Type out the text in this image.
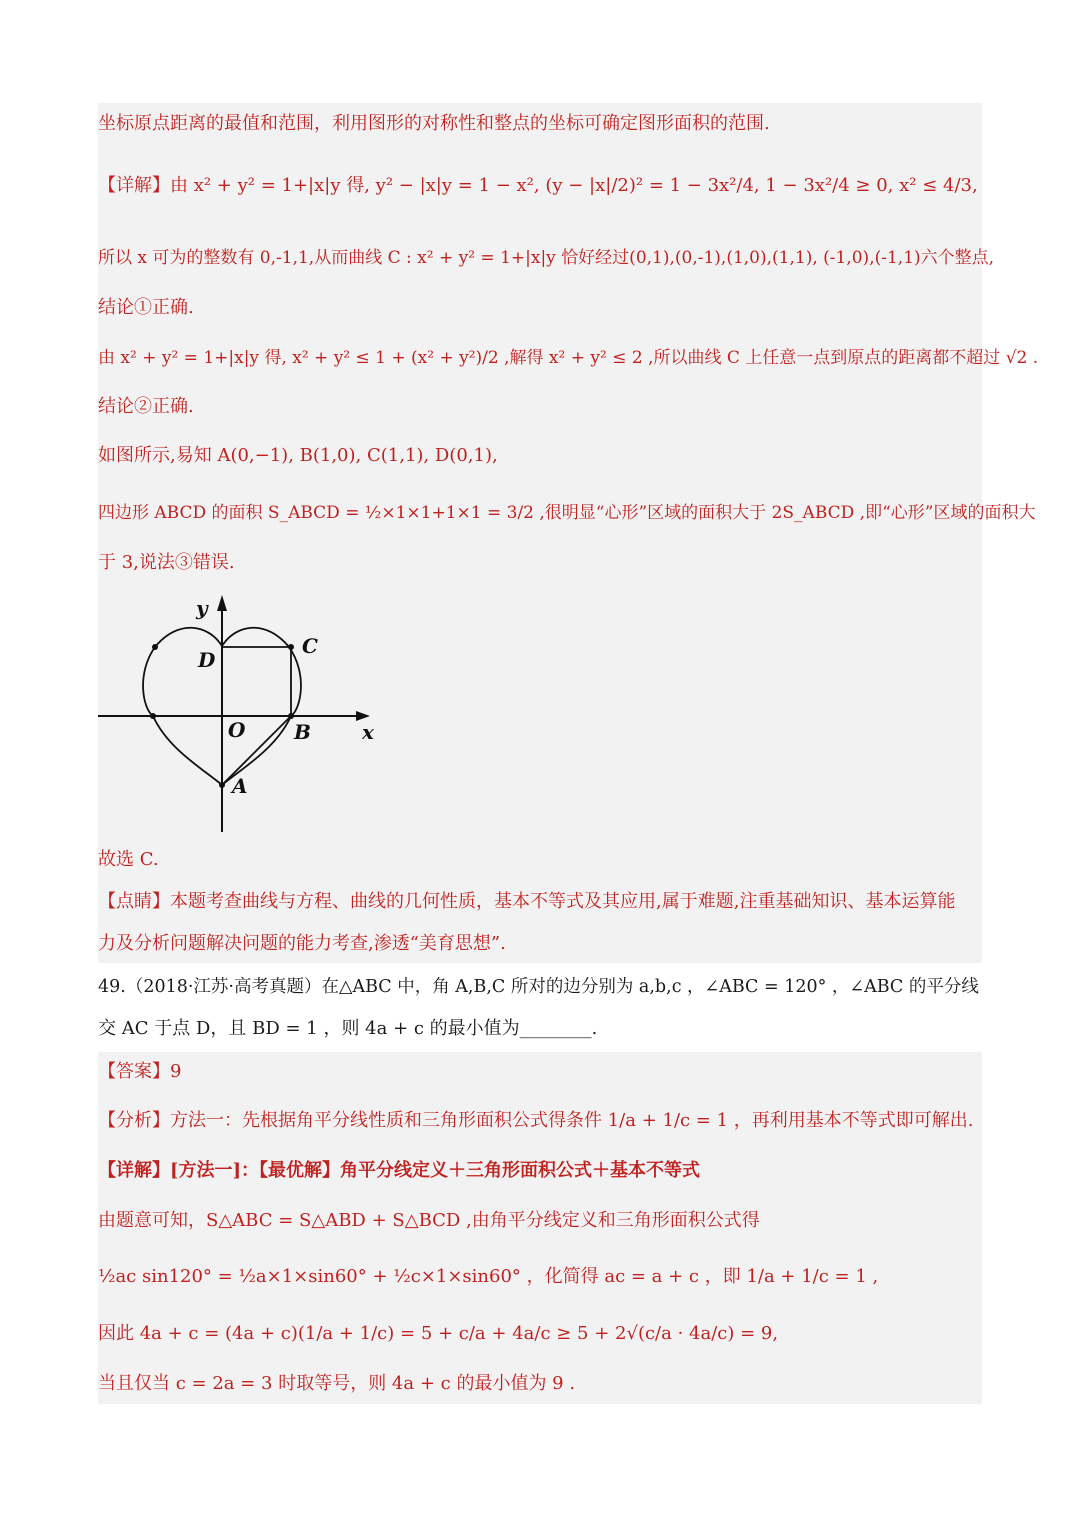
坐标原点距离的最值和范围，利用图形的对称性和整点的坐标可确定图形面积的范围.
【详解】由 x² + y² = 1+|x|y 得, y² − |x|y = 1 − x², (y − |x|/2)² = 1 − 3x²/4, 1 − 3x²/4 ≥ 0, x² ≤ 4/3,
所以 x 可为的整数有 0,-1,1,从而曲线 C : x² + y² = 1+|x|y 恰好经过(0,1),(0,-1),(1,0),(1,1), (-1,0),(-1,1)六个整点,
结论①正确.
由 x² + y² = 1+|x|y 得, x² + y² ≤ 1 + (x² + y²)/2 ,解得 x² + y² ≤ 2 ,所以曲线 C 上任意一点到原点的距离都不超过 √2 .
结论②正确.
如图所示,易知 A(0,−1), B(1,0), C(1,1), D(0,1),
四边形 ABCD 的面积 S_ABCD = ½×1×1+1×1 = 3/2 ,很明显“心形”区域的面积大于 2S_ABCD ,即“心形”区域的面积大
于 3,说法③错误.
y
x
O
A
B
C
D
故选 C.
【点睛】本题考查曲线与方程、曲线的几何性质，基本不等式及其应用,属于难题,注重基础知识、基本运算能
力及分析问题解决问题的能力考查,渗透“美育思想”.
49.（2018·江苏·高考真题）在△ABC 中，角 A,B,C 所对的边分别为 a,b,c ，∠ABC = 120° ，∠ABC 的平分线
交 AC 于点 D，且 BD = 1 ，则 4a + c 的最小值为________.
【答案】9
【分析】方法一：先根据角平分线性质和三角形面积公式得条件 1/a + 1/c = 1 ，再利用基本不等式即可解出.
【详解】[方法一]：【最优解】角平分线定义＋三角形面积公式＋基本不等式
由题意可知，S△ABC = S△ABD + S△BCD ,由角平分线定义和三角形面积公式得
½ac sin120° = ½a×1×sin60° + ½c×1×sin60° ，化简得 ac = a + c ，即 1/a + 1/c = 1 ,
因此 4a + c = (4a + c)(1/a + 1/c) = 5 + c/a + 4a/c ≥ 5 + 2√(c/a · 4a/c) = 9,
当且仅当 c = 2a = 3 时取等号，则 4a + c 的最小值为 9 .
